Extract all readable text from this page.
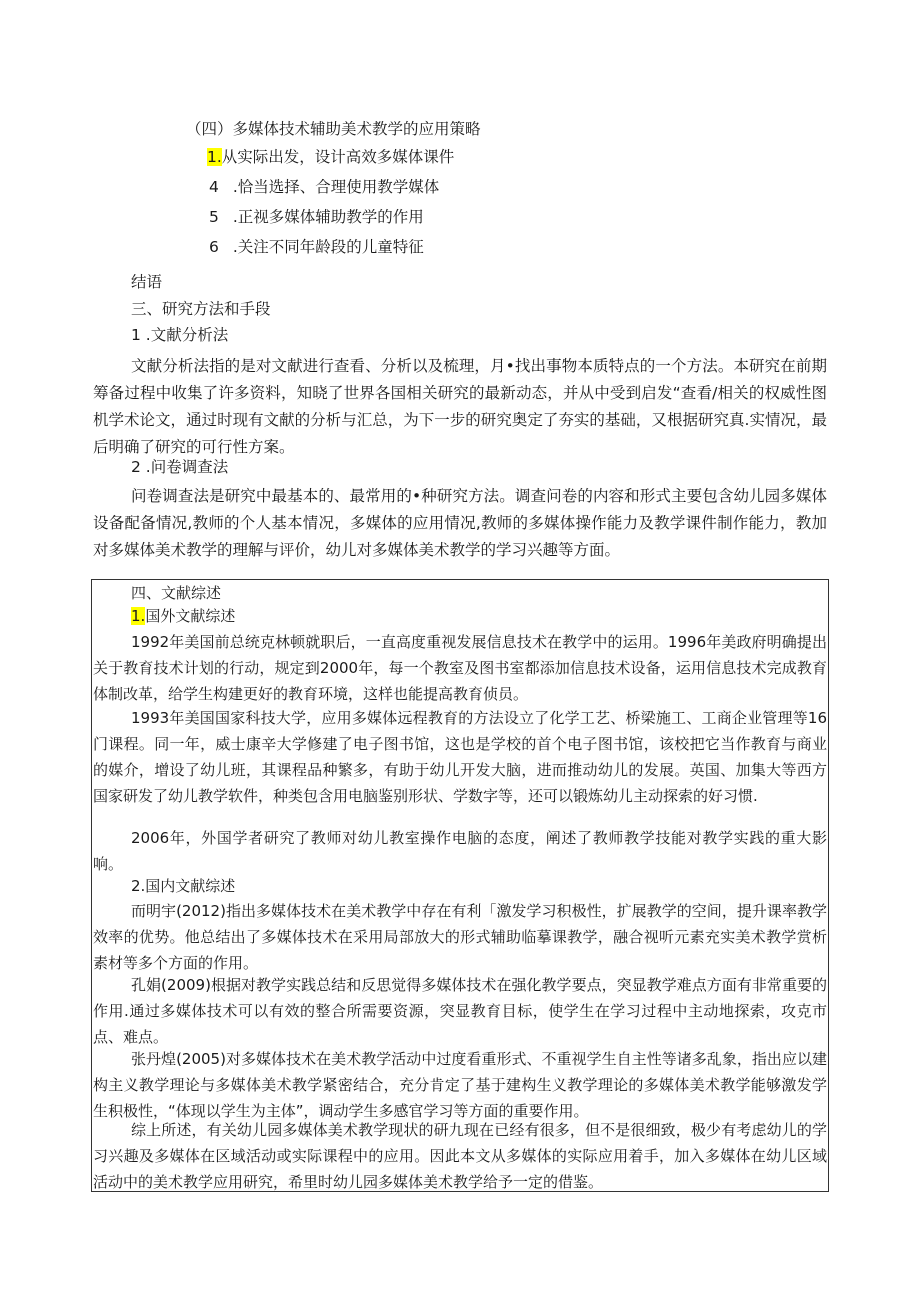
（四）多媒体技术辅助美术教学的应用策略
1.从实际出发，设计高效多媒体课件
4 .恰当选择、合理使用教学媒体
5 .正视多媒体辅助教学的作用
6 .关注不同年龄段的儿童特征
结语
三、研究方法和手段
1 .文献分析法
文献分析法指的是对文献进行查看、分析以及梳理，月•找出事物本质特点的一个方法。本研究在前期筹备过程中收集了许多资料，知晓了世界各国相关研究的最新动态，并从中受到启发“查看/相关的权威性图机学术论文，通过时现有文献的分析与汇总，为下一步的研究奥定了夯实的基础，又根据研究真.实情况，最后明确了研究的可行性方案。
2 .问卷调查法
问卷调查法是研究中最基本的、最常用的•种研究方法。调查问卷的内容和形式主要包含幼儿园多媒体设备配备情况,教师的个人基本情况，多媒体的应用情况,教师的多媒体操作能力及教学课件制作能力，教加对多媒体美术教学的理解与评价，幼儿对多媒体美术教学的学习兴趣等方面。
四、文献综述
1.国外文献综述
1992年美国前总统克林顿就职后，一直高度重视发展信息技术在教学中的运用。1996年美政府明确提出关于教育技术计划的行动，规定到2000年，每一个教室及图书室都添加信息技术设备，运用信息技术完成教育体制改革，给学生构建更好的教育环境，这样也能提高教育侦员。
1993年美国国家科技大学，应用多媒体远程教育的方法设立了化学工艺、桥梁施工、工商企业管理等16门课程。同一年，威士康辛大学修建了电子图书馆，这也是学校的首个电子图书馆，该校把它当作教育与商业的媒介，增设了幼儿班，其课程品种繁多，有助于幼儿开发大脑，进而推动幼儿的发展。英国、加集大等西方国家研发了幼儿教学软件，种类包含用电脑鉴别形状、学数字等，还可以锻炼幼儿主动探索的好习惯.
2006年，外国学者研究了教师对幼儿教室操作电脑的态度，阐述了教师教学技能对教学实践的重大影响。
2.国内文献综述
而明宇(2012)指出多媒体技术在美术教学中存在有利「激发学习积极性，扩展教学的空间，提升课率教学效率的优势。他总结出了多媒体技术在采用局部放大的形式辅助临摹课教学，融合视听元素充实美术教学赏析素材等多个方面的作用。
孔娟(2009)根据对教学实践总结和反思觉得多媒体技术在强化教学要点，突显教学难点方面有非常重要的作用.通过多媒体技术可以有效的整合所需要资源，突显教育目标，使学生在学习过程中主动地探索，攻克市点、难点。
张丹煌(2005)对多媒体技术在美术教学活动中过度看重形式、不重视学生自主性等诸多乱象，指出应以建构主义教学理论与多媒体美术教学紧密结合，充分肯定了基于建构生义教学理论的多媒体美术教学能够激发学生积极性，“体现以学生为主体”，调动学生多感官学习等方面的重要作用。
综上所述，有关幼儿园多媒体美术教学现状的研九现在已经有很多，但不是很细致，极少有考虑幼儿的学习兴趣及多媒体在区域活动或实际课程中的应用。因此本文从多媒体的实际应用着手，加入多媒体在幼儿区域活动中的美术教学应用研究，希里时幼儿园多媒体美术教学给予一定的借鉴。
